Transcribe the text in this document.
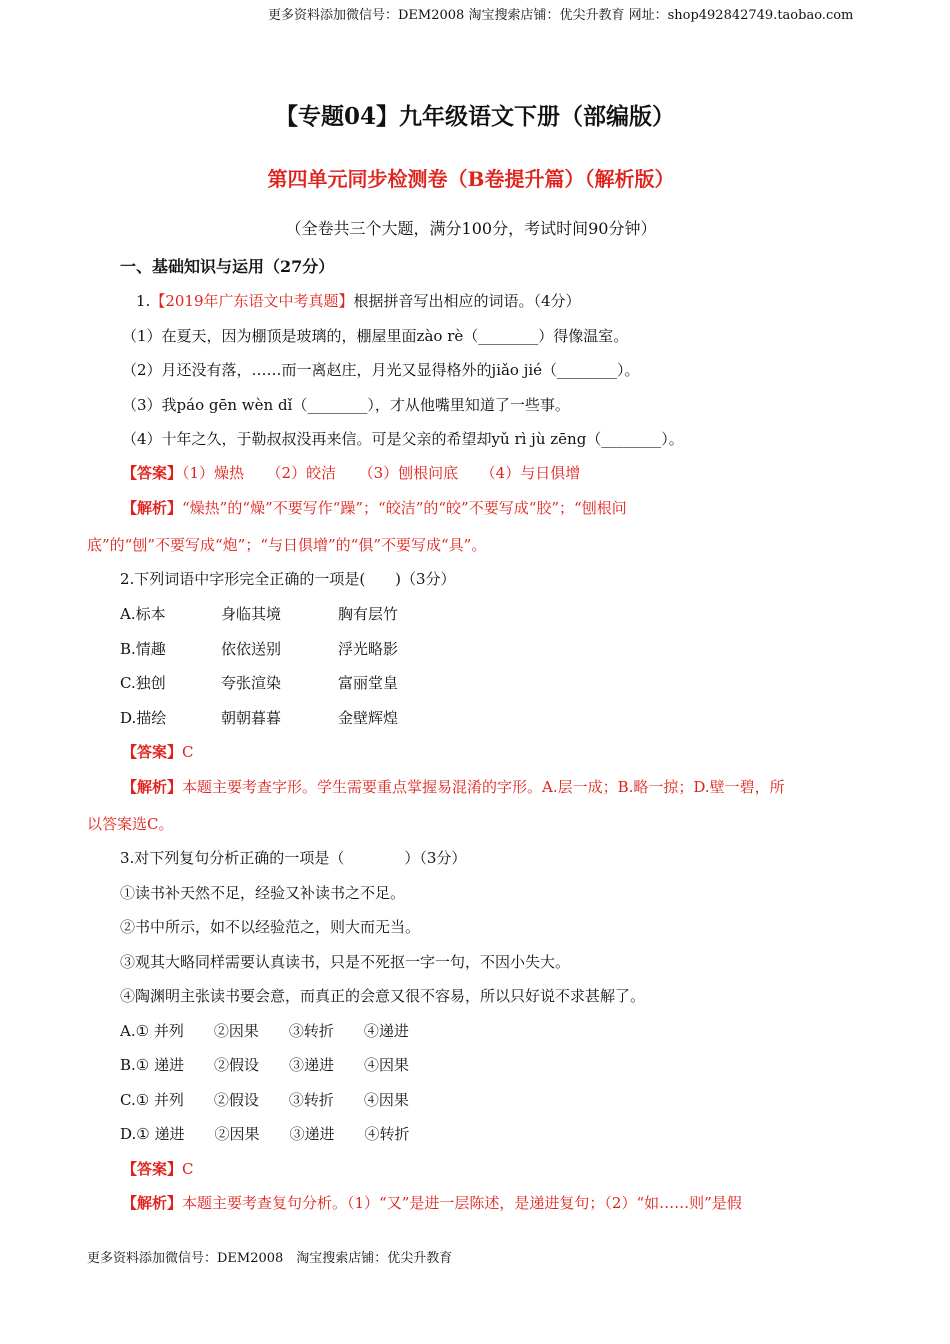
更多资料添加微信号：DEM2008 淘宝搜索店铺：优尖升教育 网址：shop492842749.taobao.com
【专题04】九年级语文下册（部编版）
第四单元同步检测卷（B卷提升篇）（解析版）
（全卷共三个大题，满分100分，考试时间90分钟）
一、基础知识与运用（27分）
1.【2019年广东语文中考真题】根据拼音写出相应的词语。（4分）
（1）在夏天，因为棚顶是玻璃的，棚屋里面zào rè（________）得像温室。
（2）月还没有落，……而一离赵庄，月光又显得格外的jiǎo jié（________）。
（3）我páo gēn wèn dǐ（________），才从他嘴里知道了一些事。
（4）十年之久，于勒叔叔没再来信。可是父亲的希望却yǔ rì jù zēng（________）。
【答案】（1）燥热　　（2）皎洁　　（3）刨根问底　　（4）与日俱增
【解析】“燥热”的“燥”不要写作“躁”；“皎洁”的“皎”不要写成“胶”；“刨根问
底”的“刨”不要写成“炮”；“与日俱增”的“俱”不要写成“具”。
2.下列词语中字形完全正确的一项是(　　)（3分）
A.标本	身临其境	胸有层竹
B.情趣	依依送别	浮光略影
C.独创	夸张渲染	富丽堂皇
D.描绘	朝朝暮暮	金壁辉煌
【答案】C
【解析】本题主要考查字形。学生需要重点掌握易混淆的字形。A.层一成；B.略一掠；D.壁一碧，所
以答案选C。
3.对下列复句分析正确的一项是（　　　　）（3分）
①读书补天然不足，经验又补读书之不足。
②书中所示，如不以经验范之，则大而无当。
③观其大略同样需要认真读书，只是不死抠一字一句，不因小失大。
④陶渊明主张读书要会意，而真正的会意又很不容易，所以只好说不求甚解了。
A.① 并列　　②因果　　③转折　　④递进
B.① 递进　　②假设　　③递进　　④因果
C.① 并列　　②假设　　③转折　　④因果
D.① 递进　　②因果　　③递进　　④转折
【答案】C
【解析】本题主要考查复句分析。（1）“又”是进一层陈述，是递进复句；（2）“如……则”是假
更多资料添加微信号：DEM2008　淘宝搜索店铺：优尖升教育
